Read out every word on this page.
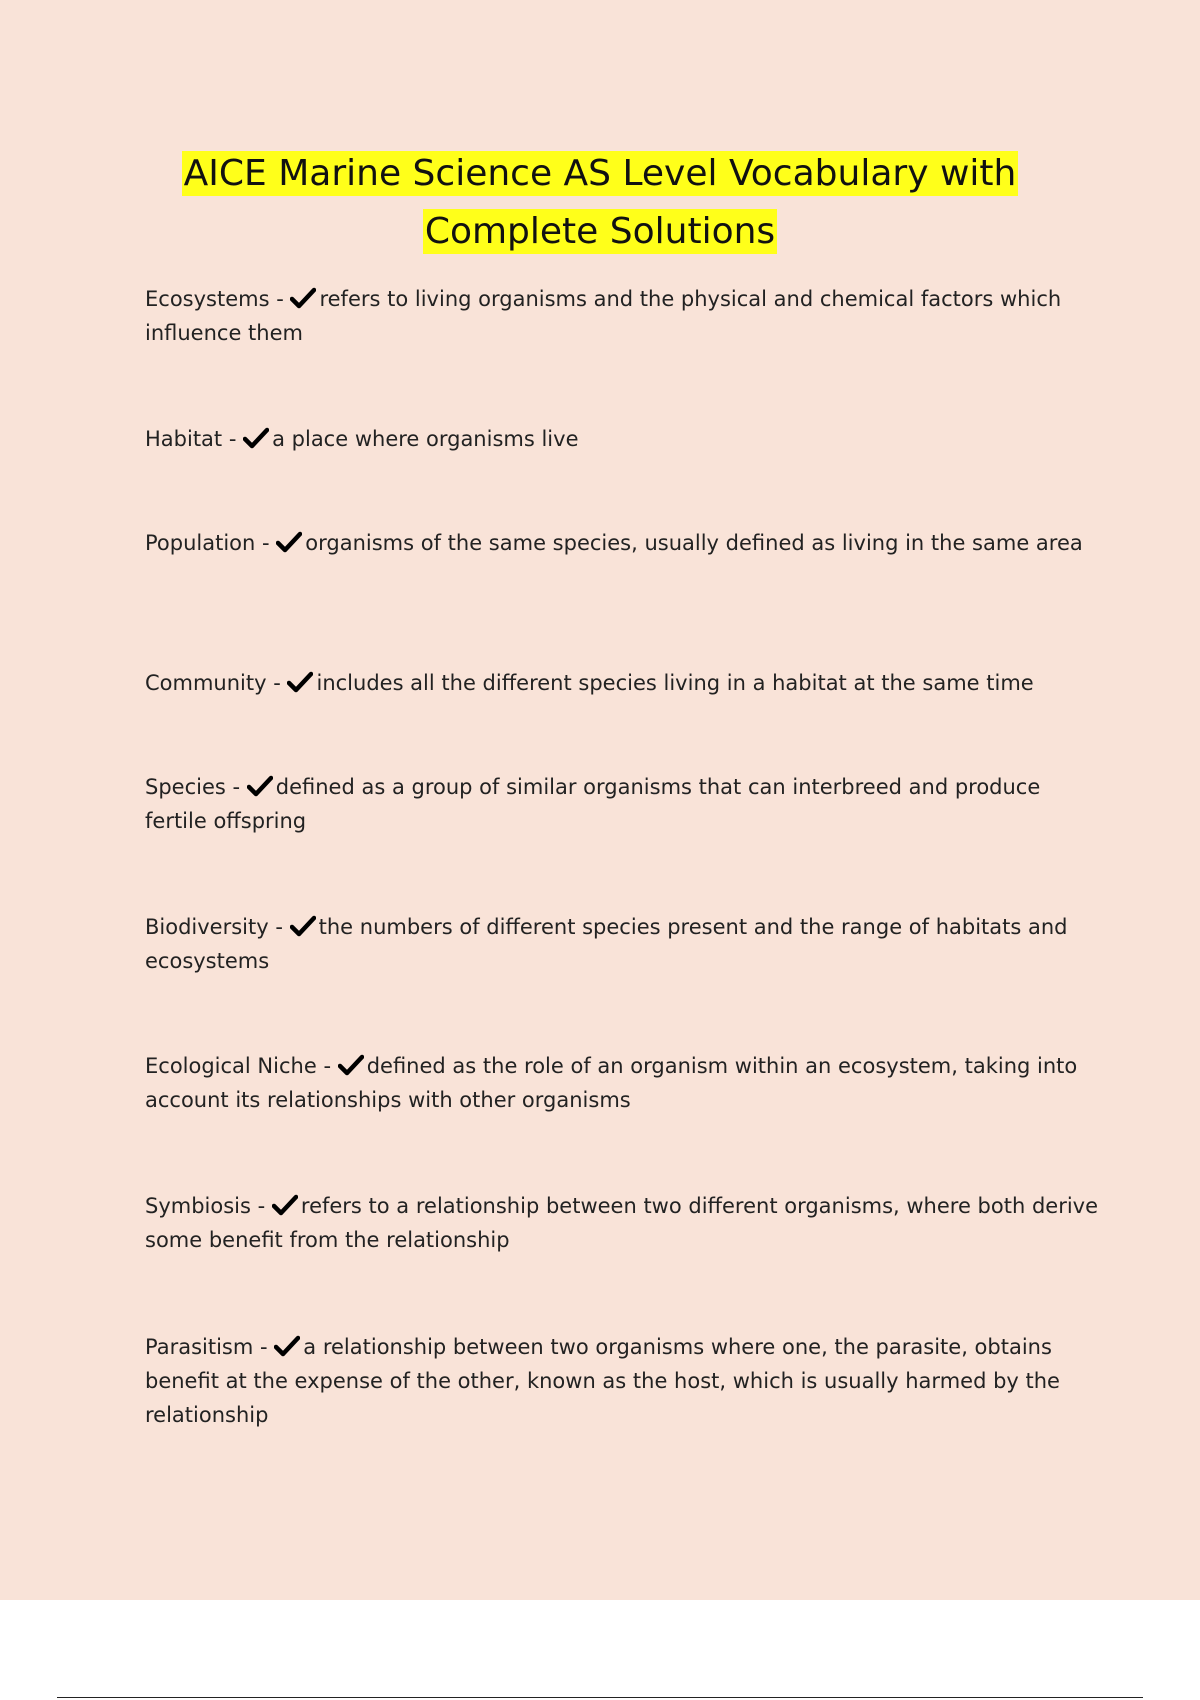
AICE Marine Science AS Level Vocabulary with
Complete Solutions
Ecosystems -
refers to living organisms and the physical and chemical factors which influence them
Habitat -
a place where organisms live
Population -
organisms of the same species, usually defined as living in the same area
Community -
includes all the different species living in a habitat at the same time
Species -
defined as a group of similar organisms that can interbreed and produce fertile offspring
Biodiversity -
the numbers of different species present and the range of habitats and ecosystems
Ecological Niche -
defined as the role of an organism within an ecosystem, taking into account its relationships with other organisms
Symbiosis -
refers to a relationship between two different organisms, where both derive some benefit from the relationship
Parasitism -
a relationship between two organisms where one, the parasite, obtains benefit at the expense of the other, known as the host, which is usually harmed by the relationship
